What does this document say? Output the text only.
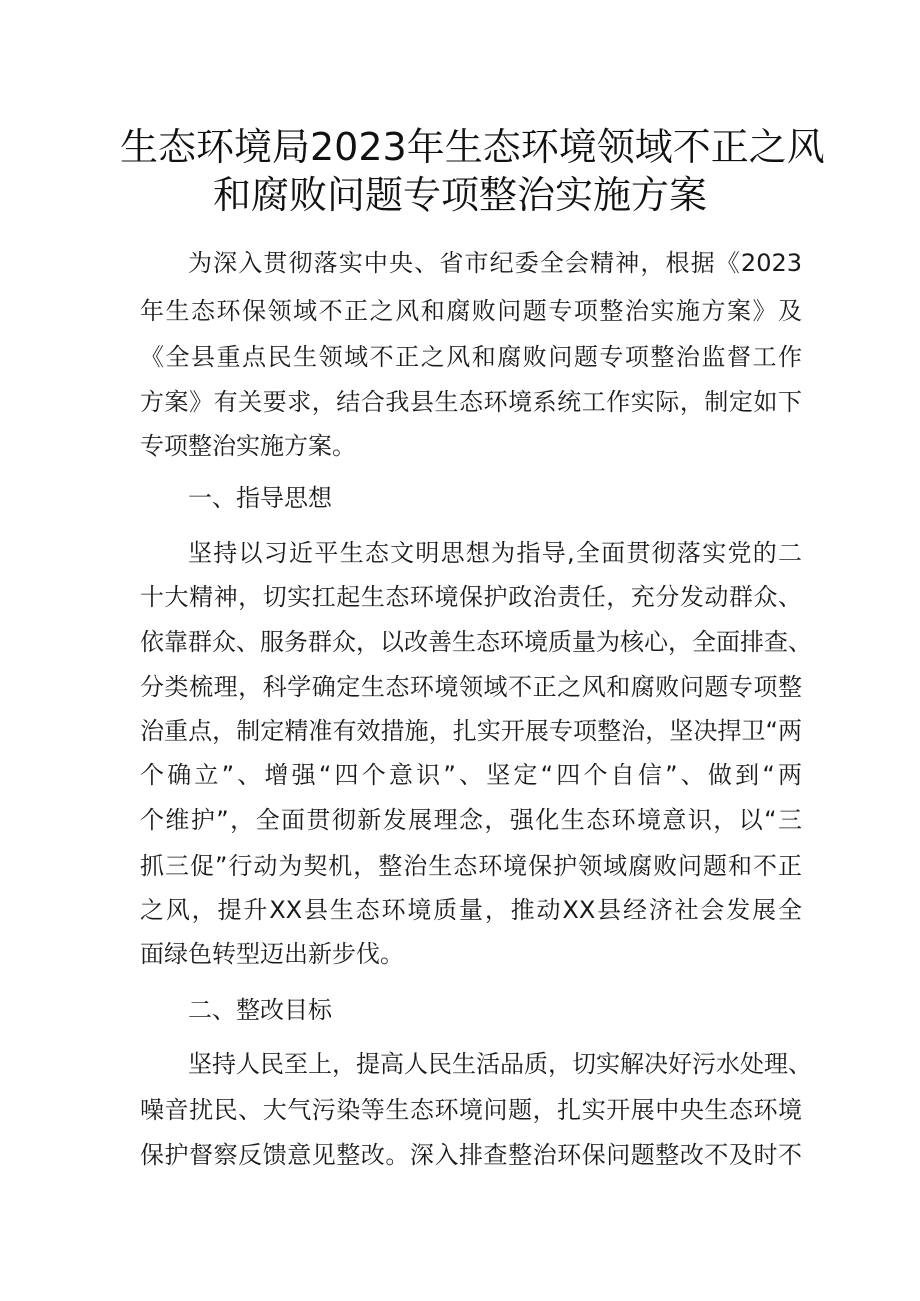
生态环境局2023年生态环境领域不正之风
和腐败问题专项整治实施方案
为深入贯彻落实中央、省市纪委全会精神，根据《2023
年生态环保领域不正之风和腐败问题专项整治实施方案》及
《全县重点民生领域不正之风和腐败问题专项整治监督工作
方案》有关要求，结合我县生态环境系统工作实际，制定如下
专项整治实施方案。
一、指导思想
坚持以习近平生态文明思想为指导,全面贯彻落实党的二
十大精神，切实扛起生态环境保护政治责任，充分发动群众、
依靠群众、服务群众，以改善生态环境质量为核心，全面排查、
分类梳理，科学确定生态环境领域不正之风和腐败问题专项整
治重点，制定精准有效措施，扎实开展专项整治，坚决捍卫“两
个确立”、增强“四个意识”、坚定“四个自信”、做到“两
个维护”，全面贯彻新发展理念，强化生态环境意识，以“三
抓三促”行动为契机，整治生态环境保护领域腐败问题和不正
之风，提升XX县生态环境质量，推动XX县经济社会发展全
面绿色转型迈出新步伐。
二、整改目标
坚持人民至上，提高人民生活品质，切实解决好污水处理、
噪音扰民、大气污染等生态环境问题，扎实开展中央生态环境
保护督察反馈意见整改。深入排查整治环保问题整改不及时不
